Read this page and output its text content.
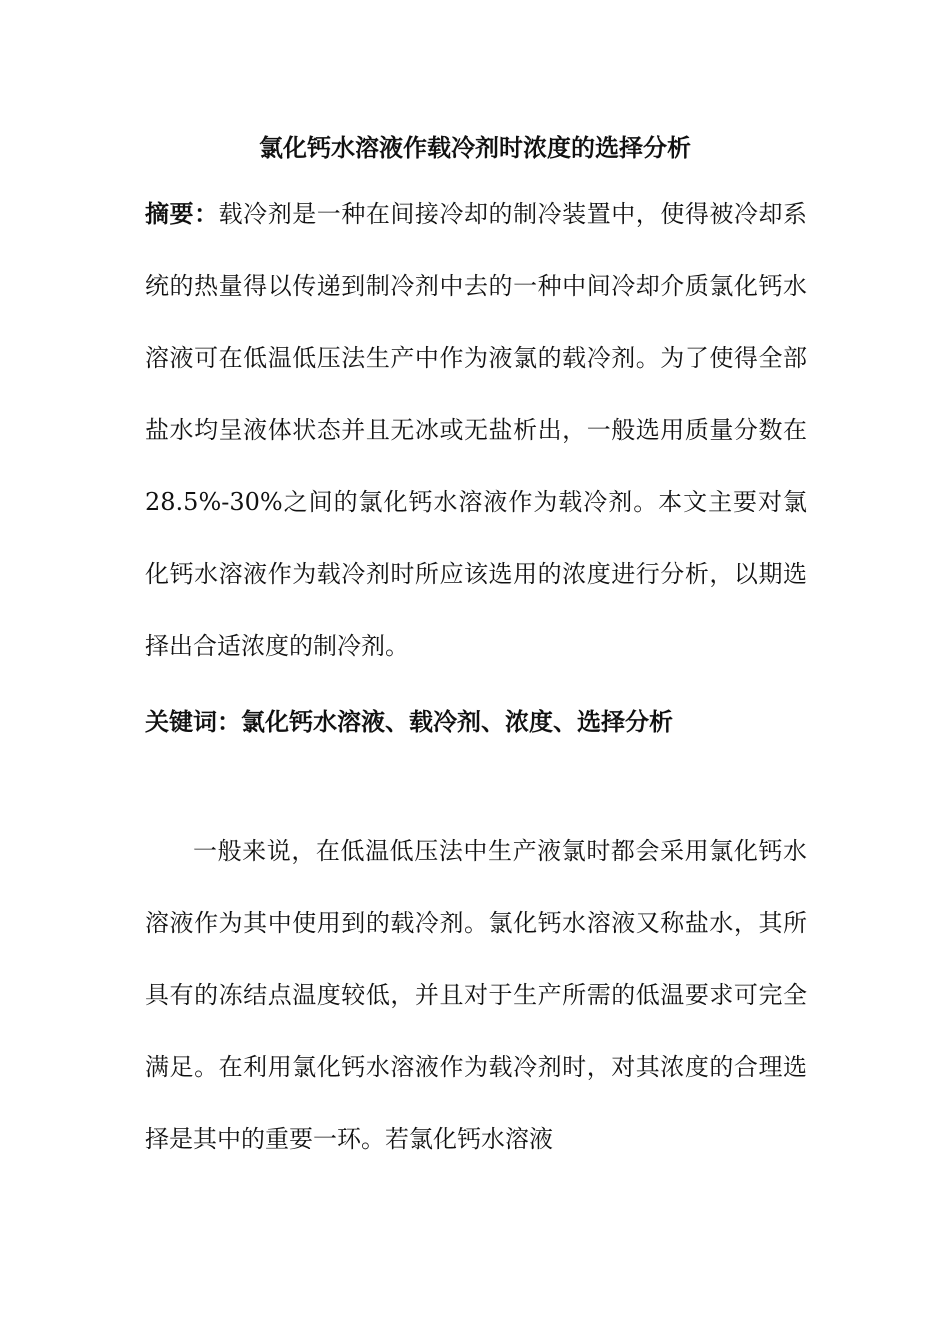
氯化钙水溶液作载冷剂时浓度的选择分析

摘要：载冷剂是一种在间接冷却的制冷装置中，使得被冷却系统的热量得以传递到制冷剂中去的一种中间冷却介质氯化钙水溶液可在低温低压法生产中作为液氯的载冷剂。为了使得全部盐水均呈液体状态并且无冰或无盐析出，一般选用质量分数在28.5%-30%之间的氯化钙水溶液作为载冷剂。本文主要对氯化钙水溶液作为载冷剂时所应该选用的浓度进行分析，以期选择出合适浓度的制冷剂。

关键词：氯化钙水溶液、载冷剂、浓度、选择分析

一般来说，在低温低压法中生产液氯时都会采用氯化钙水溶液作为其中使用到的载冷剂。氯化钙水溶液又称盐水，其所具有的冻结点温度较低，并且对于生产所需的低温要求可完全满足。在利用氯化钙水溶液作为载冷剂时，对其浓度的合理选择是其中的重要一环。若氯化钙水溶液
